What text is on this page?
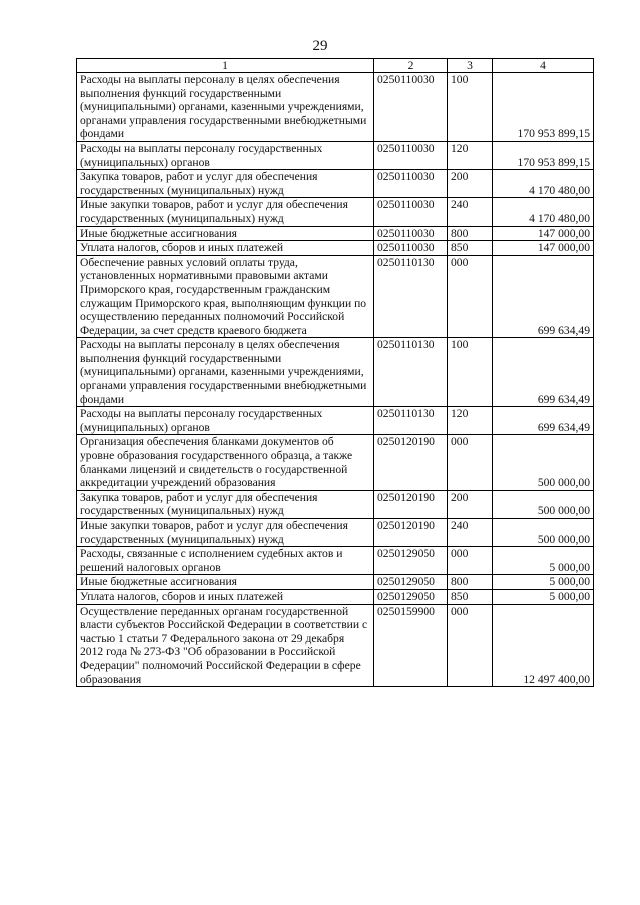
29
1	2	3	4
Расходы на выплаты персоналу в целях обеспечения выполнения функций государственными (муниципальными) органами, казенными учреждениями, органами управления государственными внебюджетными фондами	0250110030	100	170 953 899,15
Расходы на выплаты персоналу государственных (муниципальных) органов	0250110030	120	170 953 899,15
Закупка товаров, работ и услуг для обеспечения государственных (муниципальных) нужд	0250110030	200	4 170 480,00
Иные закупки товаров, работ и услуг для обеспечения государственных (муниципальных) нужд	0250110030	240	4 170 480,00
Иные бюджетные ассигнования	0250110030	800	147 000,00
Уплата налогов, сборов и иных платежей	0250110030	850	147 000,00
Обеспечение равных условий оплаты труда, установленных нормативными правовыми актами Приморского края, государственным гражданским служащим Приморского края, выполняющим функции по осуществлению переданных полномочий Российской Федерации, за счет средств краевого бюджета	0250110130	000	699 634,49
Расходы на выплаты персоналу в целях обеспечения выполнения функций государственными (муниципальными) органами, казенными учреждениями, органами управления государственными внебюджетными фондами	0250110130	100	699 634,49
Расходы на выплаты персоналу государственных (муниципальных) органов	0250110130	120	699 634,49
Организация обеспечения бланками документов об уровне образования государственного образца, а также бланками лицензий и свидетельств о государственной аккредитации учреждений образования	0250120190	000	500 000,00
Закупка товаров, работ и услуг для обеспечения государственных (муниципальных) нужд	0250120190	200	500 000,00
Иные закупки товаров, работ и услуг для обеспечения государственных (муниципальных) нужд	0250120190	240	500 000,00
Расходы, связанные с исполнением судебных актов и решений налоговых органов	0250129050	000	5 000,00
Иные бюджетные ассигнования	0250129050	800	5 000,00
Уплата налогов, сборов и иных платежей	0250129050	850	5 000,00
Осуществление переданных органам государственной власти субъектов Российской Федерации в соответствии с частью 1 статьи 7 Федерального закона от 29 декабря 2012 года № 273-ФЗ "Об образовании в Российской Федерации" полномочий Российской Федерации в сфере образования	0250159900	000	12 497 400,00
